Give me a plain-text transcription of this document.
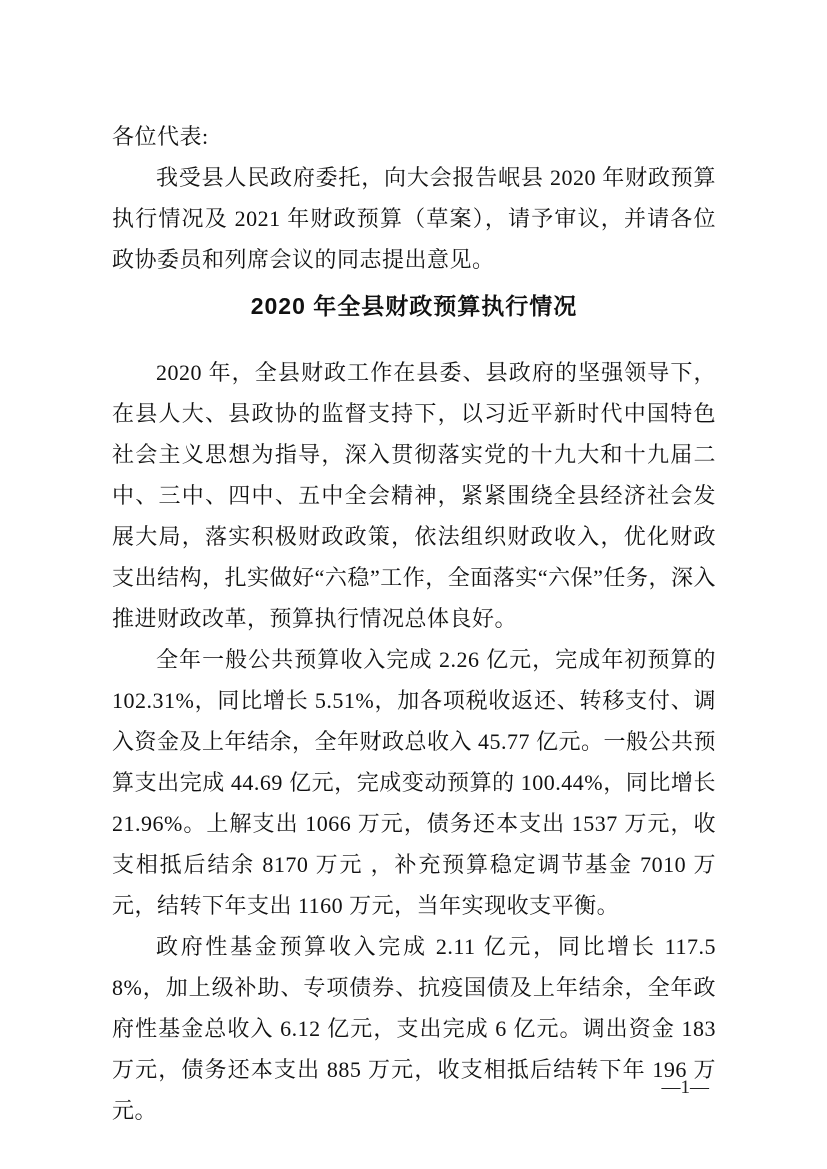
各位代表:

我受县人民政府委托，向大会报告岷县 2020 年财政预算执行情况及 2021 年财政预算（草案），请予审议，并请各位政协委员和列席会议的同志提出意见。

2020 年全县财政预算执行情况

2020 年，全县财政工作在县委、县政府的坚强领导下，在县人大、县政协的监督支持下，以习近平新时代中国特色社会主义思想为指导，深入贯彻落实党的十九大和十九届二中、三中、四中、五中全会精神，紧紧围绕全县经济社会发展大局，落实积极财政政策，依法组织财政收入，优化财政支出结构，扎实做好“六稳”工作，全面落实“六保”任务，深入推进财政改革，预算执行情况总体良好。

全年一般公共预算收入完成 2.26 亿元，完成年初预算的 102.31%，同比增长 5.51%，加各项税收返还、转移支付、调入资金及上年结余，全年财政总收入 45.77 亿元。一般公共预算支出完成 44.69 亿元，完成变动预算的 100.44%，同比增长 21.96%。上解支出 1066 万元，债务还本支出 1537 万元，收支相抵后结余 8170 万元 ，补充预算稳定调节基金 7010 万元，结转下年支出 1160 万元，当年实现收支平衡。

政府性基金预算收入完成 2.11 亿元，同比增长 117.58%，加上级补助、专项债券、抗疫国债及上年结余，全年政府性基金总收入 6.12 亿元，支出完成 6 亿元。调出资金 183 万元，债务还本支出 885 万元，收支相抵后结转下年 196 万元。

—1—
